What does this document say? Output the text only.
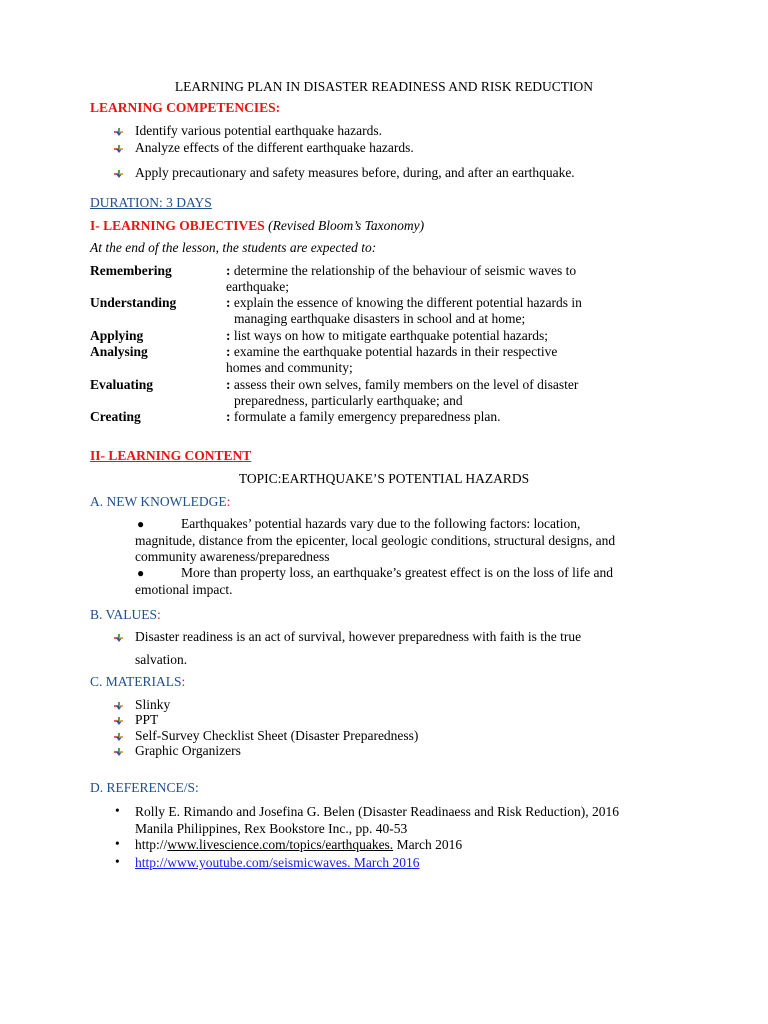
LEARNING PLAN IN DISASTER READINESS AND RISK REDUCTION
LEARNING COMPETENCIES:
Identify various potential earthquake hazards.
Analyze effects of the different earthquake hazards.
Apply precautionary and safety measures before, during, and after an earthquake.
DURATION: 3 DAYS
I- LEARNING OBJECTIVES (Revised Bloom’s Taxonomy)
At the end of the lesson, the students are expected to:
Remembering	: determine the relationship of the behaviour of seismic waves to
earthquake;
Understanding	: explain the essence of knowing the different potential hazards in
managing earthquake disasters in school and at home;
Applying	: list ways on how to mitigate earthquake potential hazards;
Analysing	: examine the earthquake potential hazards in their respective
homes and community;
Evaluating	: assess their own selves, family members on the level of disaster
preparedness, particularly earthquake; and
Creating	: formulate a family emergency preparedness plan.
II- LEARNING CONTENT
TOPIC:EARTHQUAKE’S POTENTIAL HAZARDS
A. NEW KNOWLEDGE:
●	Earthquakes’ potential hazards vary due to the following factors: location,
magnitude, distance from the epicenter, local geologic conditions, structural designs, and
community awareness/preparedness
●	More than property loss, an earthquake’s greatest effect is on the loss of life and
emotional impact.
B. VALUES:
Disaster readiness is an act of survival, however preparedness with faith is the true
salvation.
C. MATERIALS:
Slinky
PPT
Self-Survey Checklist Sheet (Disaster Preparedness)
Graphic Organizers
D. REFERENCE/S:
• Rolly E. Rimando and Josefina G. Belen (Disaster Readinaess and Risk Reduction), 2016
Manila Philippines, Rex Bookstore Inc., pp. 40-53
• http://www.livescience.com/topics/earthquakes. March 2016
• http://www.youtube.com/seismicwaves. March 2016
